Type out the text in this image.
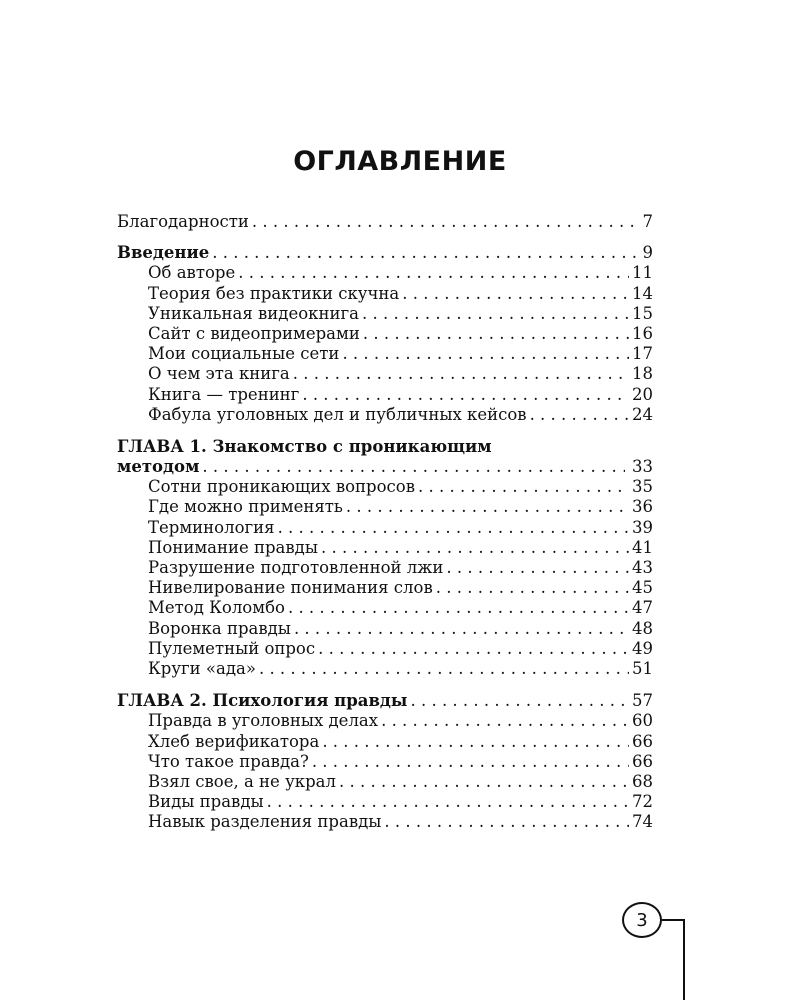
ОГЛАВЛЕНИЕ
Благодарности . . .	7
Введение . . .	9
Об авторе . . .	11
Теория без практики скучна . . .	14
Уникальная видеокнига . . .	15
Сайт с видеопримерами . . .	16
Мои социальные сети . . .	17
О чем эта книга . . .	18
Книга — тренинг . . .	20
Фабула уголовных дел и публичных кейсов . . .	24
ГЛАВА 1. Знакомство с проникающим
методом . . .	33
Сотни проникающих вопросов . . .	35
Где можно применять . . .	36
Терминология . . .	39
Понимание правды . . .	41
Разрушение подготовленной лжи . . .	43
Нивелирование понимания слов . . .	45
Метод Коломбо . . .	47
Воронка правды . . .	48
Пулеметный опрос . . .	49
Круги «ада» . . .	51
ГЛАВА 2. Психология правды . . .	57
Правда в уголовных делах . . .	60
Хлеб верификатора . . .	66
Что такое правда? . . .	66
Взял свое, а не украл . . .	68
Виды правды . . .	72
Навык разделения правды . . .	74
3
